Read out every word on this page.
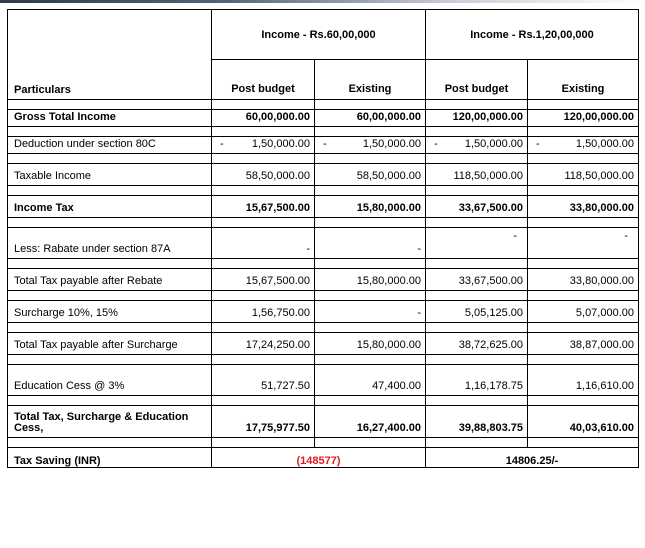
	Income - Rs.60,00,000		Income - Rs.1,20,00,000	
Particulars	Post budget	Existing	Post budget	Existing

Gross Total Income	60,00,000.00	60,00,000.00	120,00,000.00	120,00,000.00

Deduction under section 80C	- 1,50,000.00	- 1,50,000.00	- 1,50,000.00	- 1,50,000.00

Taxable Income	58,50,000.00	58,50,000.00	118,50,000.00	118,50,000.00

Income Tax	15,67,500.00	15,80,000.00	33,67,500.00	33,80,000.00

Less: Rabate under section 87A	-	-	-	-

Total Tax payable after Rebate	15,67,500.00	15,80,000.00	33,67,500.00	33,80,000.00

Surcharge 10%, 15%	1,56,750.00	-	5,05,125.00	5,07,000.00

Total Tax payable after Surcharge	17,24,250.00	15,80,000.00	38,72,625.00	38,87,000.00

Education Cess @ 3%	51,727.50	47,400.00	1,16,178.75	1,16,610.00

Total Tax, Surcharge & Education Cess,	17,75,977.50	16,27,400.00	39,88,803.75	40,03,610.00

Tax Saving (INR)	(148577)		14806.25/-	
